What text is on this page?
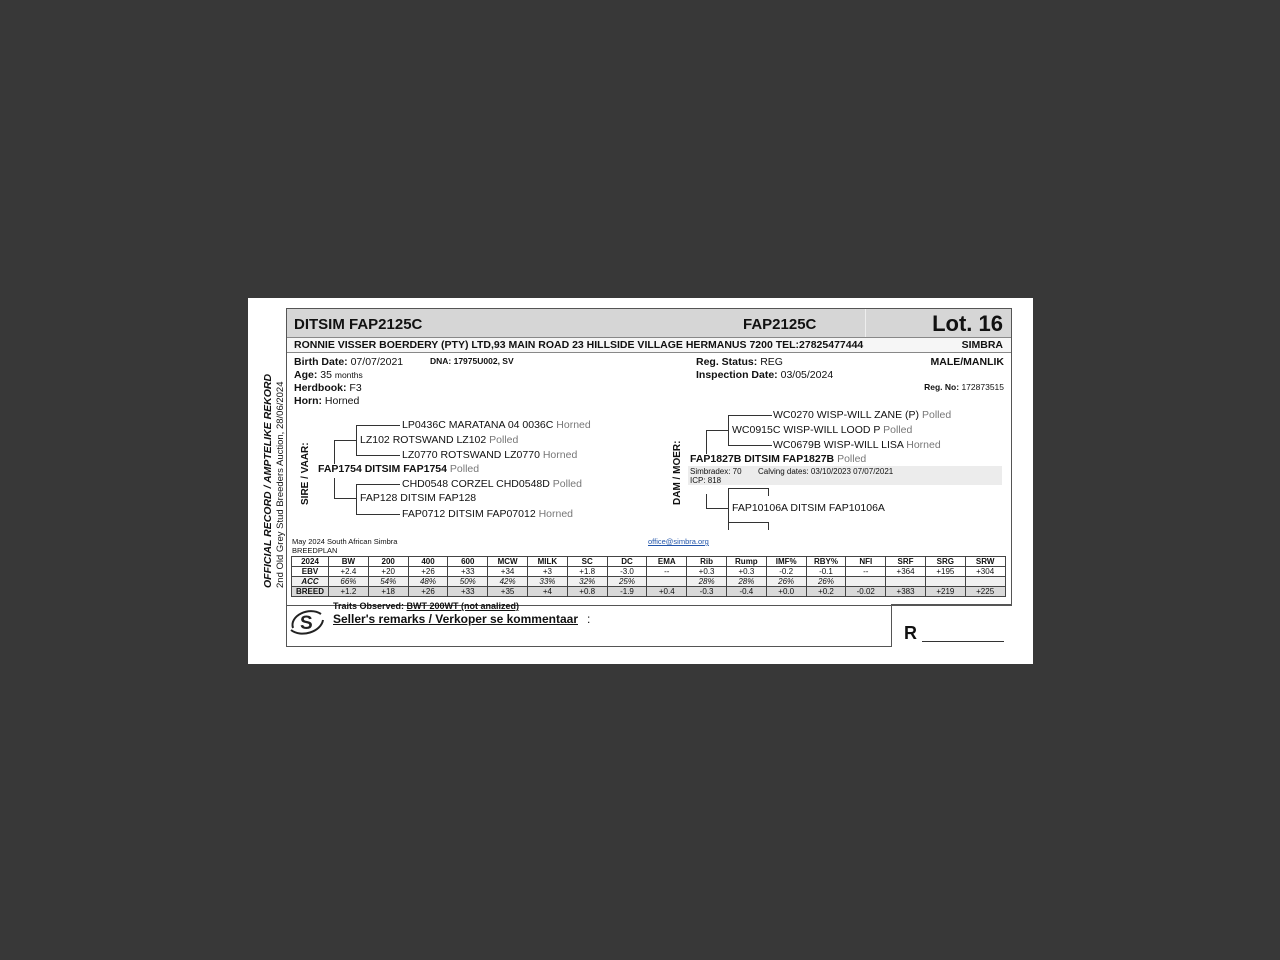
OFFICIAL RECORD / AMPTELIKE REKORD 2nd Old Grey Stud Breeders Auction, 28/06/2024
DITSIM FAP2125C	FAP2125C	Lot. 16
RONNIE VISSER BOERDERY (PTY) LTD,93 MAIN ROAD 23 HILLSIDE VILLAGE HERMANUS 7200 TEL:27825477444	SIMBRA
Birth Date: 07/07/2021	DNA: 17975U002, SV
Age: 35 months
Herdbook: F3
Horn: Horned
Reg. Status: REG
Inspection Date: 03/05/2024
MALE/MANLIK
Reg. No: 172873515
SIRE / VAAR:
LP0436C MARATANA 04 0036C Horned
LZ102 ROTSWAND LZ102 Polled
LZ0770 ROTSWAND LZ0770 Horned
FAP1754 DITSIM FAP1754 Polled
CHD0548 CORZEL CHD0548D Polled
FAP128 DITSIM FAP128
FAP0712 DITSIM FAP07012 Horned
DAM / MOER:
WC0270 WISP-WILL ZANE (P) Polled
WC0915C WISP-WILL LOOD P Polled
WC0679B WISP-WILL LISA Horned
FAP1827B DITSIM FAP1827B Polled
Simbradex: 70 Calving dates: 03/10/2023 07/07/2021
ICP: 818
FAP10106A DITSIM FAP10106A
May 2024 South African Simbra
BREEDPLAN
office@simbra.org
2024	BW	200	400	600	MCW	MILK	SC	DC	EMA	Rib	Rump	IMF%	RBY%	NFI	SRF	SRG	SRW
EBV	+2.4	+20	+26	+33	+34	+3	+1.8	-3.0	--	+0.3	+0.3	-0.2	-0.1	--	+364	+195	+304
ACC	66%	54%	48%	50%	42%	33%	32%	25%		28%	28%	26%	26%				
BREED	+1.2	+18	+26	+33	+35	+4	+0.8	-1.9	+0.4	-0.3	-0.4	+0.0	+0.2	-0.02	+383	+219	+225
S
Traits Observed: BWT 200WT (not analized)
Seller's remarks / Verkoper se kommentaar :
R
